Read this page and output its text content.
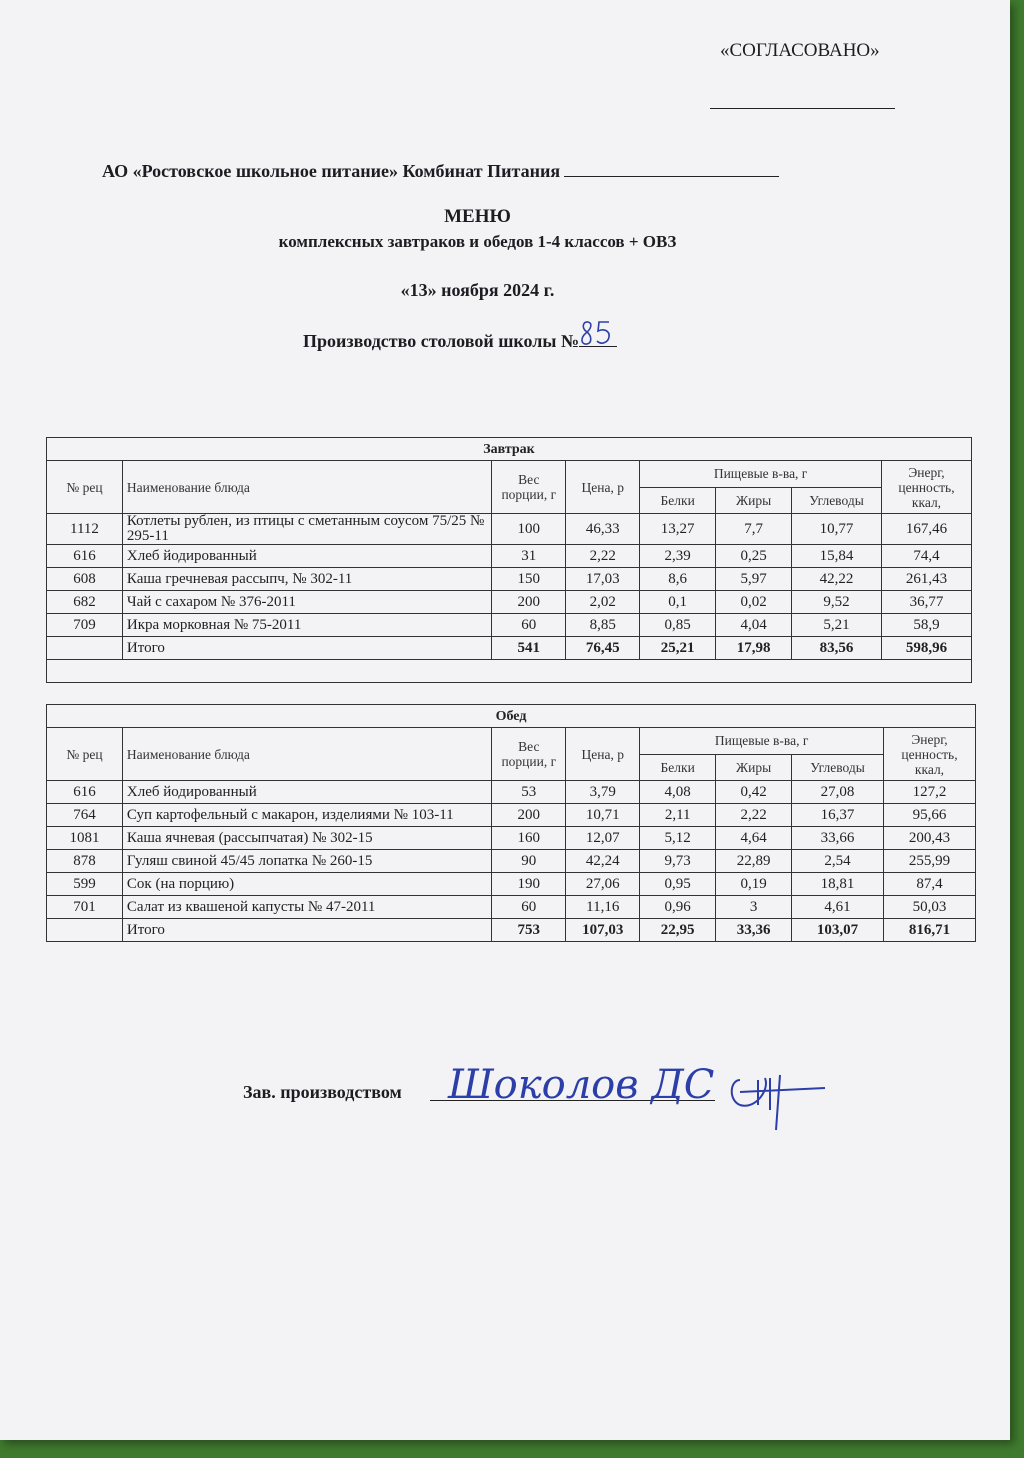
«СОГЛАСОВАНО»
АО «Ростовское школьное питание» Комбинат Питания
МЕНЮ
комплексных завтраков и обедов 1-4 классов + ОВЗ
«13» ноября 2024 г.
Производство столовой школы №
Завтрак							
№ рец	Наименование блюда	Вес порции, г	Цена, р	Пищевые в-ва, г			Энерг, ценность, ккал,
				Белки	Жиры	Углеводы	
1112	Котлеты рублен, из птицы с сметанным соусом 75/25 № 295-11	100	46,33	13,27	7,7	10,77	167,46
616	Хлеб йодированный	31	2,22	2,39	0,25	15,84	74,4
608	Каша гречневая рассыпч, № 302-11	150	17,03	8,6	5,97	42,22	261,43
682	Чай с сахаром № 376-2011	200	2,02	0,1	0,02	9,52	36,77
709	Икра морковная № 75-2011	60	8,85	0,85	4,04	5,21	58,9
	Итого	541	76,45	25,21	17,98	83,56	598,96

Обед							
№ рец	Наименование блюда	Вес порции, г	Цена, р	Пищевые в-ва, г			Энерг, ценность, ккал,
				Белки	Жиры	Углеводы	
616	Хлеб йодированный	53	3,79	4,08	0,42	27,08	127,2
764	Суп картофельный с макарон, изделиями № 103-11	200	10,71	2,11	2,22	16,37	95,66
1081	Каша ячневая (рассыпчатая) № 302-15	160	12,07	5,12	4,64	33,66	200,43
878	Гуляш свиной 45/45 лопатка № 260-15	90	42,24	9,73	22,89	2,54	255,99
599	Сок (на порцию)	190	27,06	0,95	0,19	18,81	87,4
701	Салат из квашеной капусты № 47-2011	60	11,16	0,96	3	4,61	50,03
	Итого	753	107,03	22,95	33,36	103,07	816,71
Зав. производством Шоколов ДС
